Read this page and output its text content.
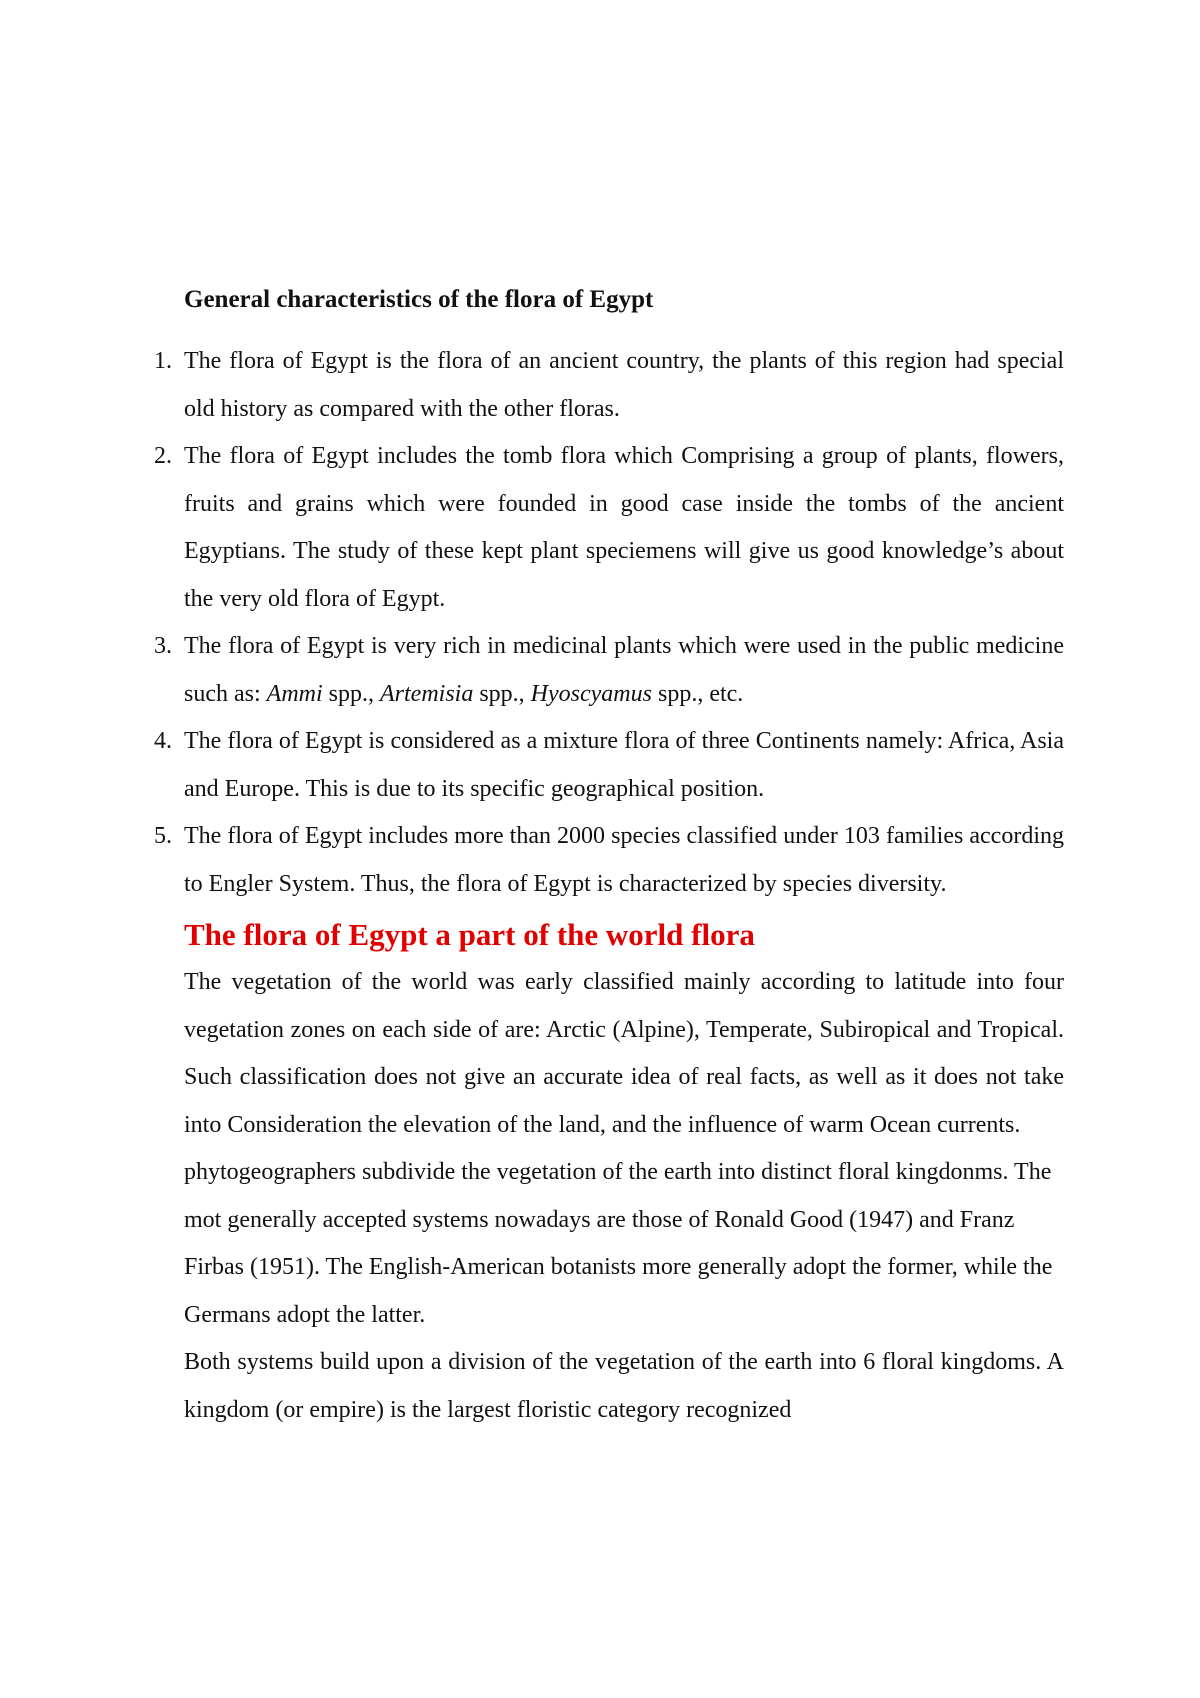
General characteristics of the flora of Egypt
1. The flora of Egypt is the flora of an ancient country, the plants of this region had special old history as compared with the other floras.
2. The flora of Egypt includes the tomb flora which Comprising a group of plants, flowers, fruits and grains which were founded in good case inside the tombs of the ancient Egyptians. The study of these kept plant speciemens will give us good knowledge’s about the very old flora of Egypt.
3. The flora of Egypt is very rich in medicinal plants which were used in the public medicine such as: Ammi spp., Artemisia spp., Hyoscyamus spp., etc.
4. The flora of Egypt is considered as a mixture flora of three Continents namely: Africa, Asia and Europe. This is due to its specific geographical position.
5. The flora of Egypt includes more than 2000 species classified under 103 families according to Engler System. Thus, the flora of Egypt is characterized by species diversity.
The flora of Egypt a part of the world flora

The vegetation of the world was early classified mainly according to latitude into four vegetation zones on each side of are: Arctic (Alpine), Temperate, Subiropical and Tropical. Such classification does not give an accurate idea of real facts, as well as it does not take into Consideration the elevation of the land, and the influence of warm Ocean currents.

phytogeographers subdivide the vegetation of the earth into distinct floral kingdonms. The mot generally accepted systems nowadays are those of Ronald Good (1947) and Franz Firbas (1951). The English-American botanists more generally adopt the former, while the Germans adopt the latter.

Both systems build upon a division of the vegetation of the earth into 6 floral kingdoms. A kingdom (or empire) is the largest floristic category recognized
